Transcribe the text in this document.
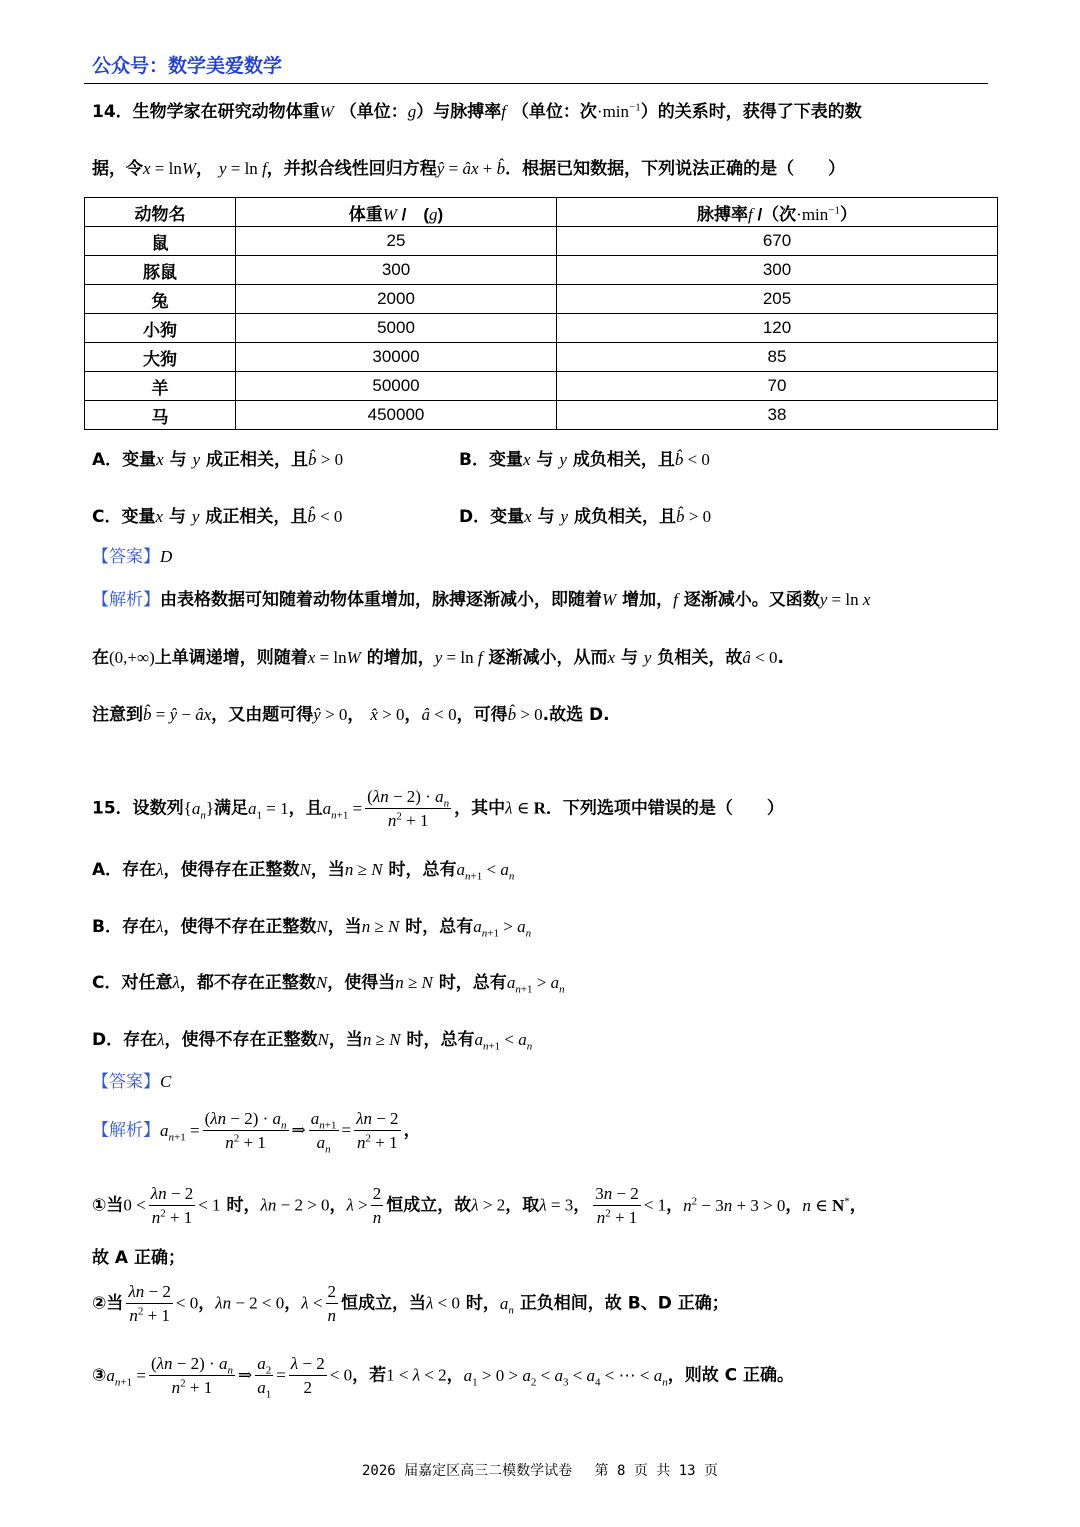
公众号：数学美爱数学
14．生物学家在研究动物体重W （单位：g）与脉搏率f （单位：次$\cdot\min^{-1}$）的关系时，获得了下表的数
据，令x = lnW， y = ln f，并拟合线性回归方程ŷ = âx + b̂．根据已知数据，下列说法正确的是（　　）
动物名	体重W /　(g)	脉搏率f /（次$\cdot\min^{-1}$）
鼠	25	670
豚鼠	300	300
兔	2000	205
小狗	5000	120
大狗	30000	85
羊	50000	70
马	450000	38
A．变量x 与 y 成正相关，且b̂ > 0	B．变量x 与 y 成负相关，且b̂ < 0
C．变量x 与 y 成正相关，且b̂ < 0	D．变量x 与 y 成负相关，且b̂ > 0
【答案】D
【解析】由表格数据可知随着动物体重增加，脉搏逐渐减小，即随着W 增加，f 逐渐减小。又函数y = ln x
在(0,+∞)上单调递增，则随着x = lnW 的增加，y = ln f 逐渐减小，从而x 与 y 负相关，故â < 0.
注意到b̂ = ŷ − âx，又由题可得ŷ > 0， x̂ > 0，â < 0，可得b̂ > 0.故选 D.
15．设数列$\{a_n\}$满足$a_1 = 1$，且$a_{n+1} = \frac{(\lambda n - 2) \cdot a_n}{n^2 + 1}$ ，其中λ ∈ R．下列选项中错误的是（　　）
A．存在λ，使得存在正整数N，当n ≥ N 时，总有$a_{n+1} < a_n$
B．存在λ，使得不存在正整数N，当n ≥ N 时，总有$a_{n+1} > a_n$
C．对任意λ，都不存在正整数N，使得当n ≥ N 时，总有$a_{n+1} > a_n$
D．存在λ，使得不存在正整数N，当n ≥ N 时，总有$a_{n+1} < a_n$
【答案】C
【解析】$a_{n+1} = \frac{(\lambda n - 2) \cdot a_n}{n^2 + 1}$ ⇒ $\frac{a_{n+1}}{a_n} = \frac{\lambda n - 2}{n^2 + 1}$ ，
①当$0 < \frac{\lambda n - 2}{n^2 + 1} < 1$ 时，λn − 2 > 0，$\lambda > \frac{2}{n}$ 恒成立，故λ > 2，取λ = 3， $\frac{3n - 2}{n^2 + 1} < 1$，$n^2 - 3n + 3 > 0$，n ∈ N*，
故 A 正确；
②当 $\frac{\lambda n - 2}{n^2 + 1} < 0$，λn − 2 < 0，$\lambda < \frac{2}{n}$ 恒成立，当λ < 0 时，$a_n$ 正负相间，故 B、D 正确；
$③a_{n+1} = \frac{(\lambda n - 2) \cdot a_n}{n^2 + 1}$ ⇒ $\frac{a_2}{a_1} = \frac{\lambda - 2}{2} < 0$，若1 < λ < 2，$a_1 > 0 > a_2 < a_3 < a_4$ < ⋯ < $a_n$，则故 C 正确。
2026 届嘉定区高三二模数学试卷　 第 8 页 共 13 页
